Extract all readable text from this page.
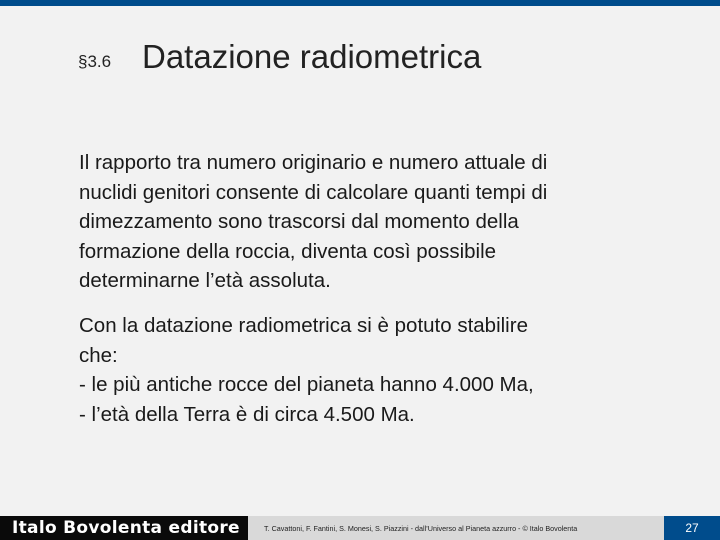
§3.6 Datazione radiometrica
Il rapporto tra numero originario e numero attuale di
nuclidi genitori consente di calcolare quanti tempi di
dimezzamento sono trascorsi dal momento della
formazione della roccia, diventa così possibile
determinarne l’età assoluta.
Con la datazione radiometrica si è potuto stabilire
che:
- le più antiche rocce del pianeta hanno 4.000 Ma,
- l’età della Terra è di circa 4.500 Ma.
Italo Bovolenta editore	T. Cavattoni, F. Fantini, S. Monesi, S. Piazzini - dall’Universo al Pianeta azzurro - © Italo Bovolenta	27
